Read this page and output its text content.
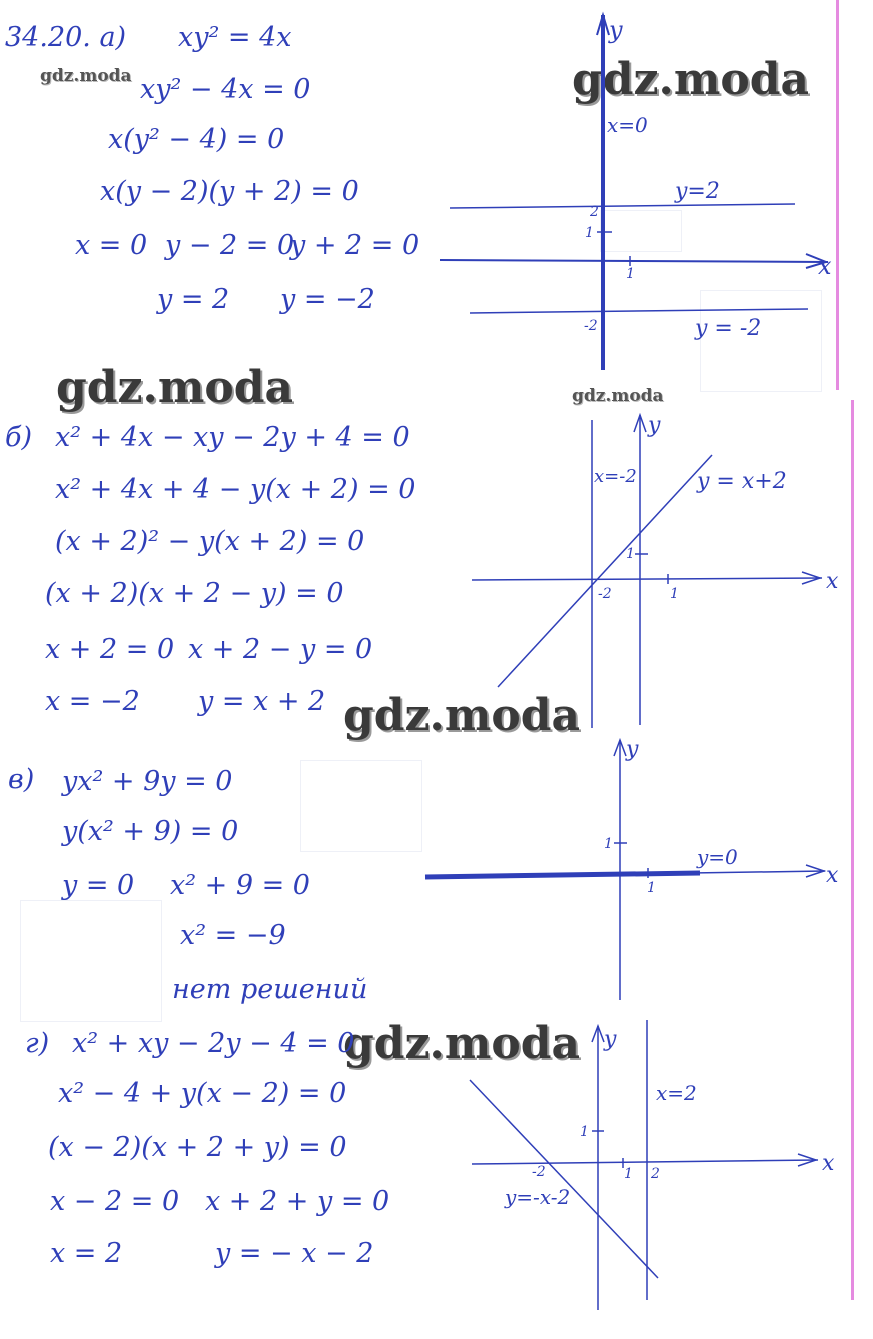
gdz.moda	gdz.moda
gdz.moda	gdz.moda
gdz.moda
gdz.moda
34.20. а) xy² = 4x
xy² − 4x = 0
x(y² − 4) = 0
x(y − 2)(y + 2) = 0
x = 0 y − 2 = 0
y + 2 = 0
y = 2 y = −2
y
x
1
1
2
-2
x=0
y=2
y = -2
б) x² + 4x − xy − 2y + 4 = 0
x² + 4x + 4 − y(x + 2) = 0
(x + 2)² − y(x + 2) = 0
(x + 2)(x + 2 − y) = 0
x + 2 = 0 x + 2 − y = 0
x = −2 y = x + 2
y
x
1
-2
1
x=-2	y = x+2
в) yx² + 9y = 0
y(x² + 9) = 0
y = 0 x² + 9 = 0
x² = −9
нет решений
y
x
1
1
y=0
г) x² + xy − 2y − 4 = 0
x² − 4 + y(x − 2) = 0
(x − 2)(x + 2 + y) = 0
x − 2 = 0 x + 2 + y = 0
x = 2	y = − x − 2
y
x
1 2
-2
1
x=2
y=-x-2
